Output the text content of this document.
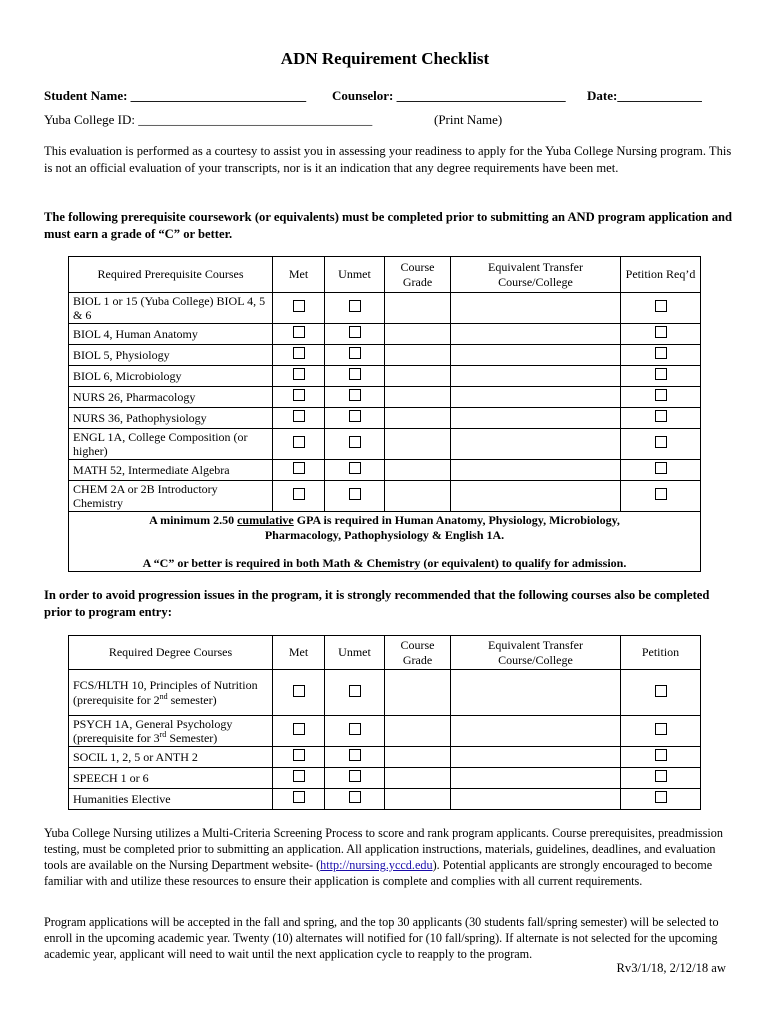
ADN Requirement Checklist
Student Name: ___________________________ Counselor: __________________________ Date:_____________
Yuba College ID: ____________________________________	(Print Name)
This evaluation is performed as a courtesy to assist you in assessing your readiness to apply for the Yuba College Nursing program. This is not an official evaluation of your transcripts, nor is it an indication that any degree requirements have been met.
The following prerequisite coursework (or equivalents) must be completed prior to submitting an AND program application and must earn a grade of “C” or better.
Required Prerequisite Courses	Met	Unmet	Course Grade	Equivalent Transfer Course/College	Petition Req’d
BIOL 1 or 15 (Yuba College) BIOL 4, 5 & 6					
BIOL 4, Human Anatomy					
BIOL 5, Physiology					
BIOL 6, Microbiology					
NURS 26, Pharmacology					
NURS 36, Pathophysiology					
ENGL 1A, College Composition (or higher)					
MATH 52, Intermediate Algebra					
CHEM 2A or 2B Introductory Chemistry					

A minimum 2.50 cumulative GPA is required in Human Anatomy, Physiology, Microbiology, Pharmacology, Pathophysiology & English 1A.
A “C” or better is required in both Math & Chemistry (or equivalent) to qualify for admission.					
In order to avoid progression issues in the program, it is strongly recommended that the following courses also be completed prior to program entry:
Required Degree Courses	Met	Unmet	Course Grade	Equivalent Transfer Course/College	Petition
FCS/HLTH 10, Principles of Nutrition (prerequisite for 2nd semester)					
PSYCH 1A, General Psychology (prerequisite for 3rd Semester)					
SOCIL 1, 2, 5 or ANTH 2					
SPEECH 1 or 6					
Humanities Elective					
Yuba College Nursing utilizes a Multi-Criteria Screening Process to score and rank program applicants. Course prerequisites, preadmission testing, must be completed prior to submitting an application. All application instructions, materials, guidelines, deadlines, and evaluation tools are available on the Nursing Department website- (http://nursing.yccd.edu). Potential applicants are strongly encouraged to become familiar with and utilize these resources to ensure their application is complete and complies with all current requirements.
Program applications will be accepted in the fall and spring, and the top 30 applicants (30 students fall/spring semester) will be selected to enroll in the upcoming academic year. Twenty (10) alternates will notified for (10 fall/spring). If alternate is not selected for the upcoming academic year, applicant will need to wait until the next application cycle to reapply to the program.
Rv3/1/18, 2/12/18 aw
